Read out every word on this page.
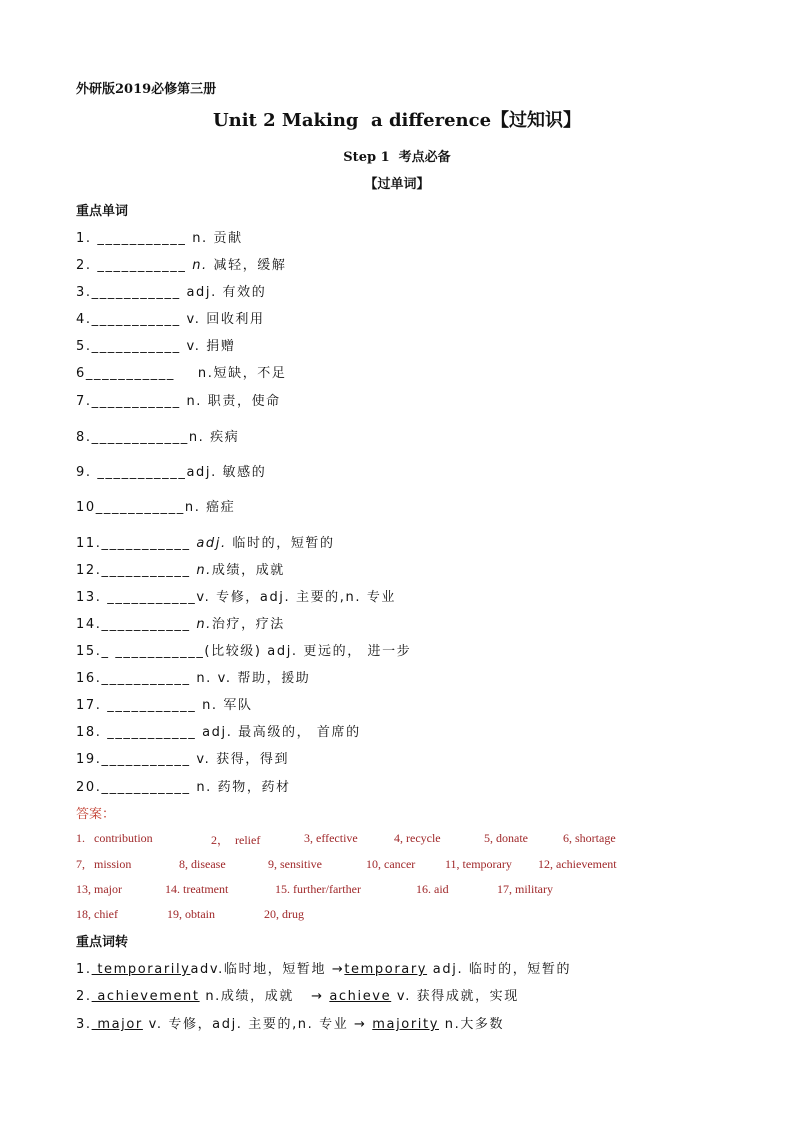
外研版2019必修第三册
Unit 2 Making  a difference【过知识】
Step 1  考点必备
【过单词】
重点单词
1. ___________ n. 贡献
2. ___________ n. 减轻，缓解
3.___________ adj. 有效的
4.___________ v. 回收利用
5.___________ v. 捐赠
6___________    n.短缺，不足
7.___________ n. 职责，使命
8.____________n. 疾病
9. ___________adj. 敏感的
10___________n. 癌症
11.___________ adj. 临时的，短暂的
12.___________ n.成绩，成就
13. ___________v. 专修，adj. 主要的,n. 专业
14.___________ n.治疗，疗法
15._ ___________(比较级) adj. 更远的， 进一步
16.___________ n. v. 帮助，援助
17. ___________ n. 军队
18. ___________ adj. 最高级的， 首席的
19.___________ v. 获得，得到
20.___________ n. 药物，药材
答案：
1.   contribution	2，  relief	3, effective	4, recycle	5, donate	6, shortage
7,   mission	8, disease	9, sensitive	10, cancer 11, temporary 12, achievement
13, major	14. treatment	15. further/farther	16. aid	17, military
18, chief	19, obtain	20, drug
重点词转
1. temporarilyadv.临时地，短暂地 →temporary adj. 临时的，短暂的
2. achievement n.成绩，成就   → achieve v. 获得成就，实现
3. major v. 专修，adj. 主要的,n. 专业 → majority n.大多数
